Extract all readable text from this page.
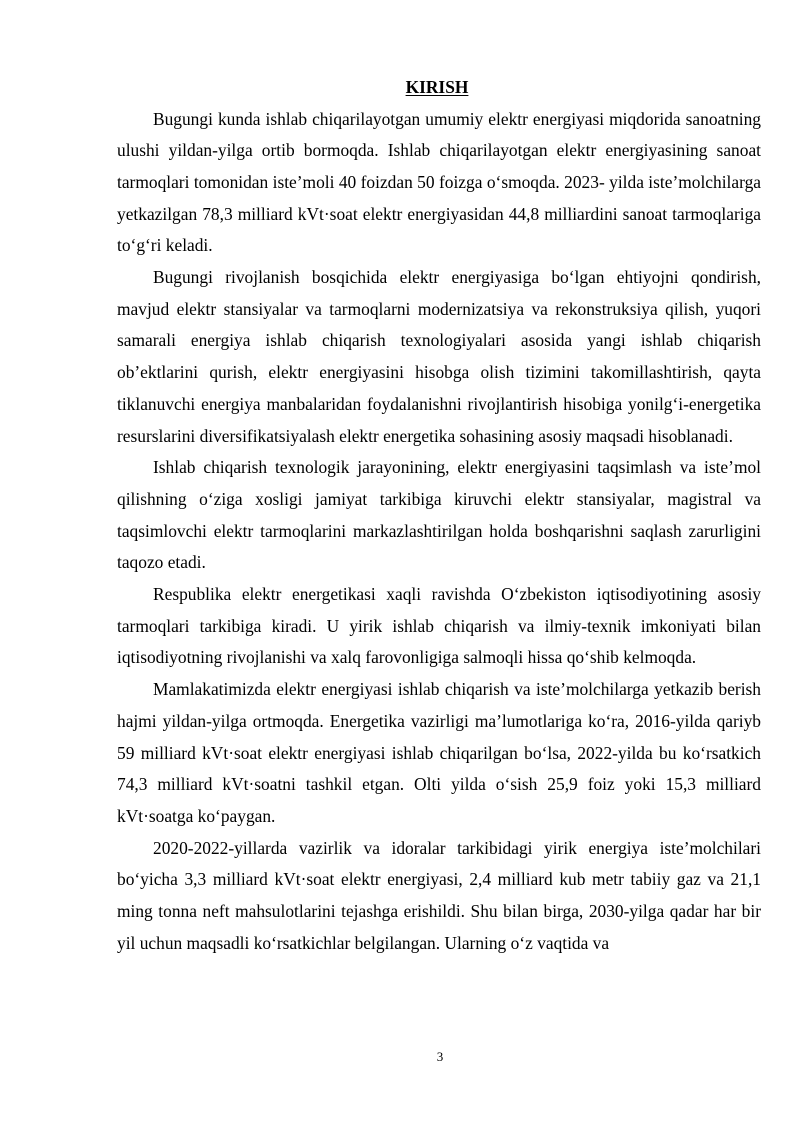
KIRISH

Bugungi kunda ishlab chiqarilayotgan umumiy elektr energiyasi miqdorida sanoatning ulushi yildan-yilga ortib bormoqda. Ishlab chiqarilayotgan elektr energiyasining sanoat tarmoqlari tomonidan iste’moli 40 foizdan 50 foizga o‘smoqda. 2023- yilda iste’molchilarga yetkazilgan 78,3 milliard kVt·soat elektr energiyasidan 44,8 milliardini sanoat tarmoqlariga to‘g‘ri keladi.

Bugungi rivojlanish bosqichida elektr energiyasiga bo‘lgan ehtiyojni qondirish, mavjud elektr stansiyalar va tarmoqlarni modernizatsiya va rekonstruksiya qilish, yuqori samarali energiya ishlab chiqarish texnologiyalari asosida yangi ishlab chiqarish ob’ektlarini qurish, elektr energiyasini hisobga olish tizimini takomillashtirish, qayta tiklanuvchi energiya manbalaridan foydalanishni rivojlantirish hisobiga yonilg‘i-energetika resurslarini diversifikatsiyalash elektr energetika sohasining asosiy maqsadi hisoblanadi.

Ishlab chiqarish texnologik jarayonining, elektr energiyasini taqsimlash va iste’mol qilishning o‘ziga xosligi jamiyat tarkibiga kiruvchi elektr stansiyalar, magistral va taqsimlovchi elektr tarmoqlarini markazlashtirilgan holda boshqarishni saqlash zarurligini taqozo etadi.

Respublika elektr energetikasi xaqli ravishda O‘zbekiston iqtisodiyotining asosiy tarmoqlari tarkibiga kiradi. U yirik ishlab chiqarish va ilmiy-texnik imkoniyati bilan iqtisodiyotning rivojlanishi va xalq farovonligiga salmoqli hissa qo‘shib kelmoqda.

Mamlakatimizda elektr energiyasi ishlab chiqarish va iste’molchilarga yetkazib berish hajmi yildan-yilga ortmoqda. Energetika vazirligi ma’lumotlariga ko‘ra, 2016-yilda qariyb 59 milliard kVt·soat elektr energiyasi ishlab chiqarilgan bo‘lsa, 2022-yilda bu ko‘rsatkich 74,3 milliard kVt·soatni tashkil etgan. Olti yilda o‘sish 25,9 foiz yoki 15,3 milliard kVt·soatga ko‘paygan.

2020-2022-yillarda vazirlik va idoralar tarkibidagi yirik energiya iste’molchilari bo‘yicha 3,3 milliard kVt·soat elektr energiyasi, 2,4 milliard kub metr tabiiy gaz va 21,1 ming tonna neft mahsulotlarini tejashga erishildi. Shu bilan birga, 2030-yilga qadar har bir yil uchun maqsadli ko‘rsatkichlar belgilangan. Ularning o‘z vaqtida va

3
